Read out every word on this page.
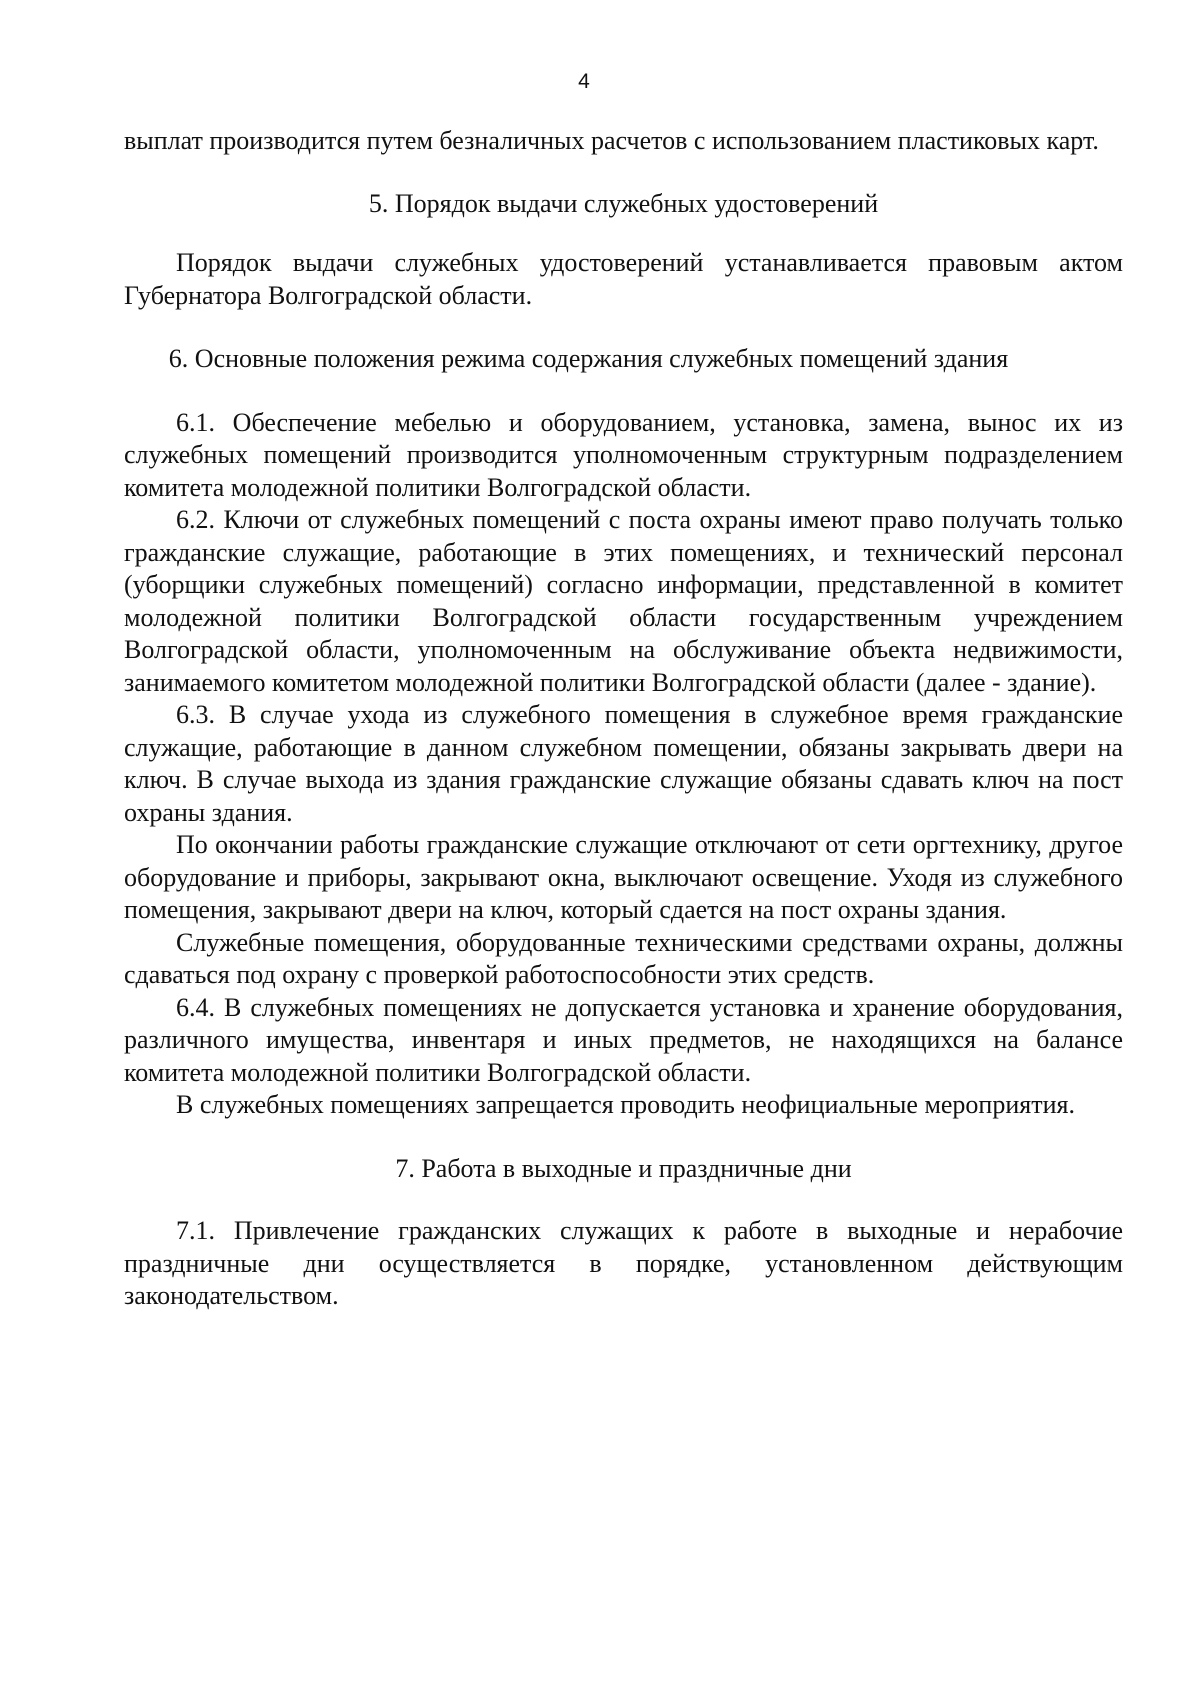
4

выплат производится путем безналичных расчетов с использованием пластиковых карт.

5. Порядок выдачи служебных удостоверений

Порядок выдачи служебных удостоверений устанавливается правовым актом Губернатора Волгоградской области.

6. Основные положения режима содержания служебных помещений здания

6.1. Обеспечение мебелью и оборудованием, установка, замена, вынос их из служебных помещений производится уполномоченным структурным подразделением комитета молодежной политики Волгоградской области.

6.2. Ключи от служебных помещений с поста охраны имеют право получать только гражданские служащие, работающие в этих помещениях, и технический персонал (уборщики служебных помещений) согласно информации, представленной в комитет молодежной политики Волгоградской области государственным учреждением Волгоградской области, уполномоченным на обслуживание объекта недвижимости, занимаемого комитетом молодежной политики Волгоградской области (далее - здание).

6.3. В случае ухода из служебного помещения в служебное время гражданские служащие, работающие в данном служебном помещении, обязаны закрывать двери на ключ. В случае выхода из здания гражданские служащие обязаны сдавать ключ на пост охраны здания.

По окончании работы гражданские служащие отключают от сети оргтехнику, другое оборудование и приборы, закрывают окна, выключают освещение. Уходя из служебного помещения, закрывают двери на ключ, который сдается на пост охраны здания.

Служебные помещения, оборудованные техническими средствами охраны, должны сдаваться под охрану с проверкой работоспособности этих средств.

6.4. В служебных помещениях не допускается установка и хранение оборудования, различного имущества, инвентаря и иных предметов, не находящихся на балансе комитета молодежной политики Волгоградской области.

В служебных помещениях запрещается проводить неофициальные мероприятия.

7. Работа в выходные и праздничные дни

7.1. Привлечение гражданских служащих к работе в выходные и нерабочие праздничные дни осуществляется в порядке, установленном действующим законодательством.
